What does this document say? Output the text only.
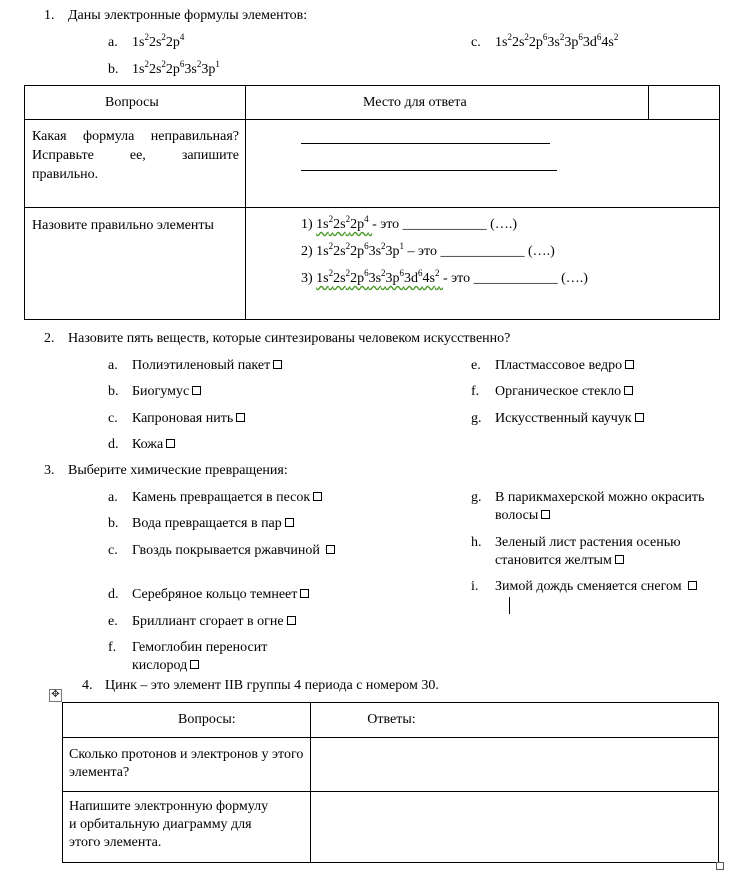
1. Даны электронные формулы элементов:
a. $1s^22s^22p^4$
b. $1s^22s^22p^63s^23p^1$
c. $1s^22s^22p^63s^23p^63d^64s^2$
Вопросы	Место для ответа	

Какая формула неправильная? Исправьте ее, запишите правильно.		

Назовите правильно элементы	1) $1s^22s^22p^4$ - это ____________ (….)
2) $1s^22s^22p^63s^23p^1$ – это ____________ (….)
3) $1s^22s^22p^63s^23p^63d^64s^2$ - это ____________ (….)	
2. Назовите пять веществ, которые синтезированы человеком искусственно?
a. Полиэтиленовый пакет
b. Биогумус
c. Капроновая нить
d. Кожа
e. Пластмассовое ведро
f. Органическое стекло
g. Искусственный каучук
3. Выберите химические превращения:
a. Камень превращается в песок
b. Вода превращается в пар
c. Гвоздь покрывается ржавчиной
d. Серебряное кольцо темнеет
e. Бриллиант сгорает в огне
f. Гемоглобин переносит кислород
g. В парикмахерской можно окрасить волосы
h. Зеленый лист растения осенью становится желтым
i. Зимой дождь сменяется снегом
✥
4. Цинк – это элемент IIB группы 4 периода с номером 30.
Вопросы:	Ответы:

Сколько протонов и электронов у этого элемента?	

Напишите электронную формулу и орбитальную диаграмму для этого элемента.	
